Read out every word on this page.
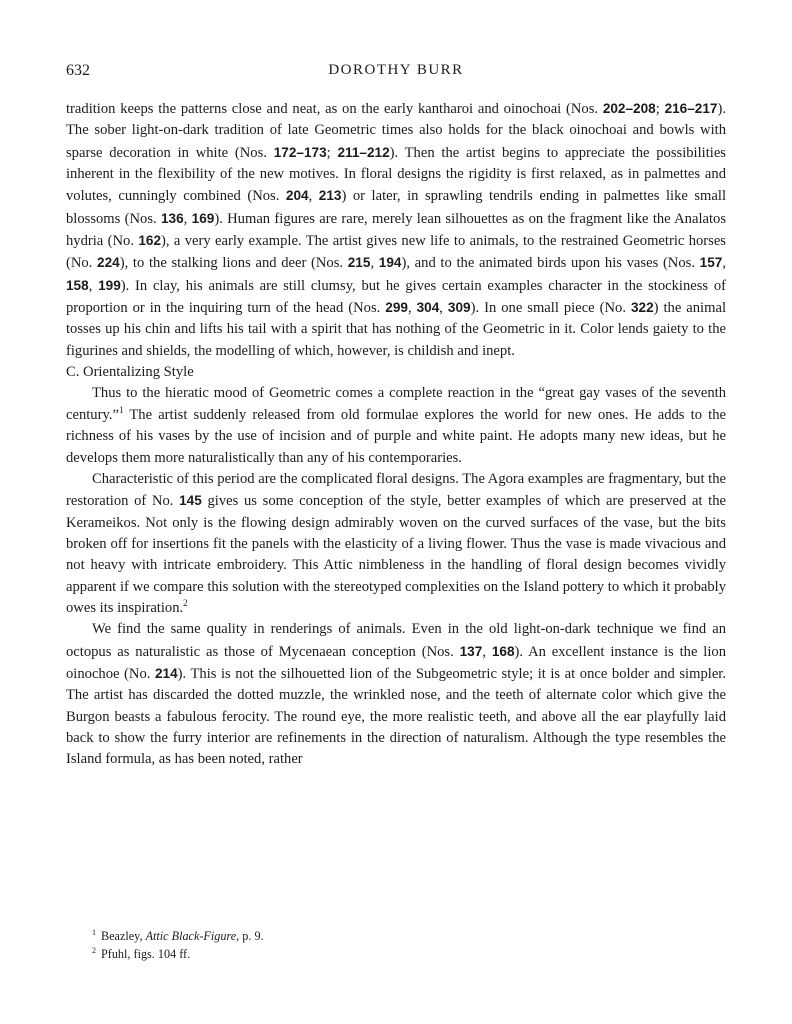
632	DOROTHY BURR

tradition keeps the patterns close and neat, as on the early kantharoi and oinochoai (Nos. 202–208; 216–217). The sober light-on-dark tradition of late Geometric times also holds for the black oinochoai and bowls with sparse decoration in white (Nos. 172–173; 211–212). Then the artist begins to appreciate the possibilities inherent in the flexibility of the new motives. In floral designs the rigidity is first relaxed, as in palmettes and volutes, cunningly combined (Nos. 204, 213) or later, in sprawling tendrils ending in palmettes like small blossoms (Nos. 136, 169). Human figures are rare, merely lean silhouettes as on the fragment like the Analatos hydria (No. 162), a very early example. The artist gives new life to animals, to the restrained Geometric horses (No. 224), to the stalking lions and deer (Nos. 215, 194), and to the animated birds upon his vases (Nos. 157, 158, 199). In clay, his animals are still clumsy, but he gives certain examples character in the stockiness of proportion or in the inquiring turn of the head (Nos. 299, 304, 309). In one small piece (No. 322) the animal tosses up his chin and lifts his tail with a spirit that has nothing of the Geometric in it. Color lends gaiety to the figurines and shields, the modelling of which, however, is childish and inept.

C. Orientalizing Style

Thus to the hieratic mood of Geometric comes a complete reaction in the “great gay vases of the seventh century.”$^1$ The artist suddenly released from old formulae explores the world for new ones. He adds to the richness of his vases by the use of incision and of purple and white paint. He adopts many new ideas, but he develops them more naturalistically than any of his contemporaries.

Characteristic of this period are the complicated floral designs. The Agora examples are fragmentary, but the restoration of No. 145 gives us some conception of the style, better examples of which are preserved at the Kerameikos. Not only is the flowing design admirably woven on the curved surfaces of the vase, but the bits broken off for insertions fit the panels with the elasticity of a living flower. Thus the vase is made vivacious and not heavy with intricate embroidery. This Attic nimbleness in the handling of floral design becomes vividly apparent if we compare this solution with the stereotyped complexities on the Island pottery to which it probably owes its inspiration.$^2$

We find the same quality in renderings of animals. Even in the old light-on-dark technique we find an octopus as naturalistic as those of Mycenaean conception (Nos. 137, 168). An excellent instance is the lion oinochoe (No. 214). This is not the silhouetted lion of the Subgeometric style; it is at once bolder and simpler. The artist has discarded the dotted muzzle, the wrinkled nose, and the teeth of alternate color which give the Burgon beasts a fabulous ferocity. The round eye, the more realistic teeth, and above all the ear playfully laid back to show the furry interior are refinements in the direction of naturalism. Although the type resembles the Island formula, as has been noted, rather

$^1$ Beazley, Attic Black-Figure, p. 9.

$^2$ Pfuhl, figs. 104 ff.
